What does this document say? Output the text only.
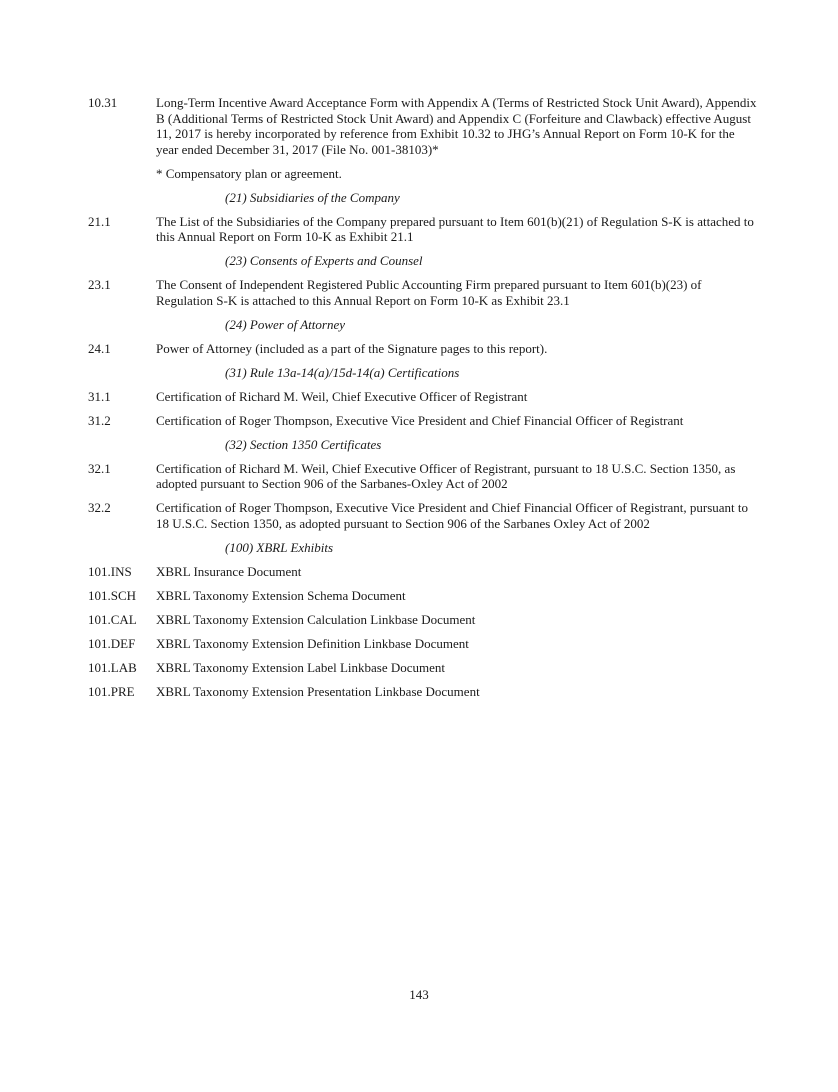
10.31	Long-Term Incentive Award Acceptance Form with Appendix A (Terms of Restricted Stock Unit Award), Appendix B (Additional Terms of Restricted Stock Unit Award) and Appendix C (Forfeiture and Clawback) effective August 11, 2017 is hereby incorporated by reference from Exhibit 10.32 to JHG’s Annual Report on Form 10-K for the year ended December 31, 2017 (File No. 001-38103)*
* Compensatory plan or agreement.
(21) Subsidiaries of the Company
21.1	The List of the Subsidiaries of the Company prepared pursuant to Item 601(b)(21) of Regulation S-K is attached to this Annual Report on Form 10-K as Exhibit 21.1
(23) Consents of Experts and Counsel
23.1	The Consent of Independent Registered Public Accounting Firm prepared pursuant to Item 601(b)(23) of Regulation S-K is attached to this Annual Report on Form 10-K as Exhibit 23.1
(24) Power of Attorney
24.1	Power of Attorney (included as a part of the Signature pages to this report).
(31) Rule 13a-14(a)/15d-14(a) Certifications
31.1	Certification of Richard M. Weil, Chief Executive Officer of Registrant
31.2	Certification of Roger Thompson, Executive Vice President and Chief Financial Officer of Registrant
(32) Section 1350 Certificates
32.1	Certification of Richard M. Weil, Chief Executive Officer of Registrant, pursuant to 18 U.S.C. Section 1350, as adopted pursuant to Section 906 of the Sarbanes-Oxley Act of 2002
32.2	Certification of Roger Thompson, Executive Vice President and Chief Financial Officer of Registrant, pursuant to 18 U.S.C. Section 1350, as adopted pursuant to Section 906 of the Sarbanes Oxley Act of 2002
(100) XBRL Exhibits
101.INS	XBRL Insurance Document
101.SCH	XBRL Taxonomy Extension Schema Document
101.CAL	XBRL Taxonomy Extension Calculation Linkbase Document
101.DEF	XBRL Taxonomy Extension Definition Linkbase Document
101.LAB	XBRL Taxonomy Extension Label Linkbase Document
101.PRE	XBRL Taxonomy Extension Presentation Linkbase Document
143
